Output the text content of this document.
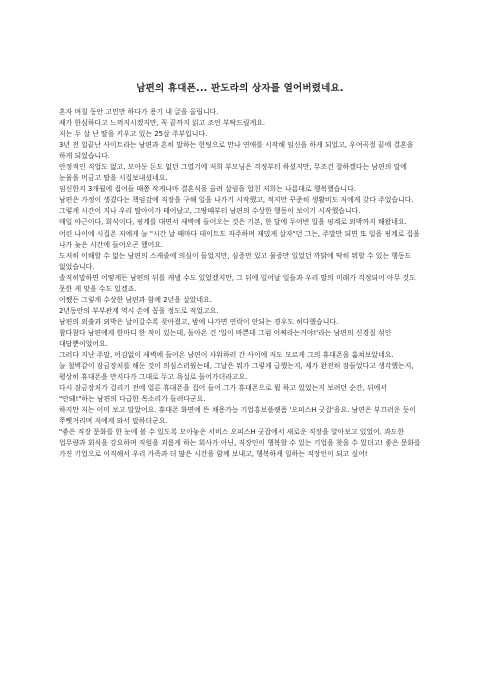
남편의 휴대폰... 판도라의 상자를 열어버렸네요.

혼자 며칠 동안 고민만 하다가 용기 내 글을 올립니다.

제가 한심하다고 느껴지시겠지만, 꼭 끝까지 읽고 조언 부탁드릴게요.

저는 두 살 난 딸을 키우고 있는 25살 주부입니다.

3년 전 일끝난 사이트라는 남편과 흔히 말하는 헌팅으로 만나 연애를 시작해 임신을 하게 되었고, 우여곡절 끝에 결혼을 하게 되었습니다.

안정적인 직업도 없고, 모아둔 돈도 없던 그였기에 저희 부모님은 걱정부터 하셨지만, 무조건 잘하겠다는 남편의 말에 눈물을 머금고 딸을 시집보내셨네요.

임신한지 3개월에 접어들 때쯤 작게나마 결혼식을 올려 살림을 합친 저희는 나름대로 행복했습니다.

남편은 가정이 생겼다는 책임감에 직장을 구해 일을 나가기 시작했고, 적지만 꾸준히 생활비도 저에게 갖다 주었습니다.

그렇게 시간이 지나 우리 딸아이가 태어났고, 그땅때부터 남편의 수상한 행동이 보이기 시작했습니다.

매일 야근이다, 회식이다, 핑계를 대면서 새벽에 들어오는 것은 기본, 한 달에 두어번 일을 핑계로 외박까지 해왔네요.

어린 나이에 시집온 저에게 늘 "시간 날 때마다 데이트도 자주하며 재밌게 살자"던 그는, 주말만 되면 또 일을 핑계로 집을 나가 늦은 시간에 들어오곤 했어요.

도저히 이해할 수 없는 남편의 스케줄에 의심이 들었지만, 심증만 있고 물증만 있었던 까닭에 딱히 뭐할 수 있는 행동도 없었습니다.

솔직히말하면 어떻게든 남편의 뒤를 캐낼 수도 있었겠지만, 그 뒤에 일어날 일들과 우리 딸의 미래가 걱정되어 아무 것도 못한 게 맞을 수도 있겠죠.

어쨌든 그렇게 수상한 남편과 함께 2년을 살았네요.

2년동안의 부부관계 역시 손에 꼽을 정도로 적었고요.

남편의 외출과 외박은 날이갈수록 잦아졌고, 밤에 나가면 연락이 안되는 경우도 허다했습니다.

참다참다 남편에게 한마디 한 적이 있는데, 돌아온 건 '일이 바쁜데 그럼 어쩌라는거야!'라는 남편의 신경질 섞인 대답뿐이었어요.

그러다 지난 주말, 어김없이 새벽에 들어온 남편이 샤워하러 간 사이에 저도 모르게 그의 휴대폰을 훔쳐보았네요.

늘 철벽같이 잠금장치를 해둔 것이 의심스러웠는데, 그날은 뭐가 그렇게 급했는지, 제가 완전히 잠들었다고 생각했는지, 평상히 휴대폰을 만지다가 그대로 두고 욕실로 들어가더라고요.

다시 잠금장치가 걸리기 전에 얼른 휴대폰을 집어 들어 그가 휴대폰으로 뭘 하고 있었는지 보려던 순간, 뒤에서 "안돼!"하는 남편의 다급한 목소리가 들려다군요.

하지만 저는 이미 보고 말았어요. 휴대폰 화면에 뜬 채용가능 기업홍보플랫폼 '오피스H 굿잡'을요. 남편은 부끄러운 듯이 쭈뼛거리며 저에게 와서 말하더군요.

"좋은 직장 문화를 한 눈에 볼 수 있도록 모아놓은 서비스 오피스H 굿잡에서 새로운 직장을 알아보고 있었어. 과도한 업무량과 회식을 강요하며 직원을 괴롭게 하는 회사가 아닌, 직장인이 행복할 수 있는 기업을 찾을 수 있더고! 좋은 문화를 가진 기업으로 이직해서 우리 가족과 더 많은 시간을 함께 보내고, 행복하게 일하는 직장인이 되고 싶어!
